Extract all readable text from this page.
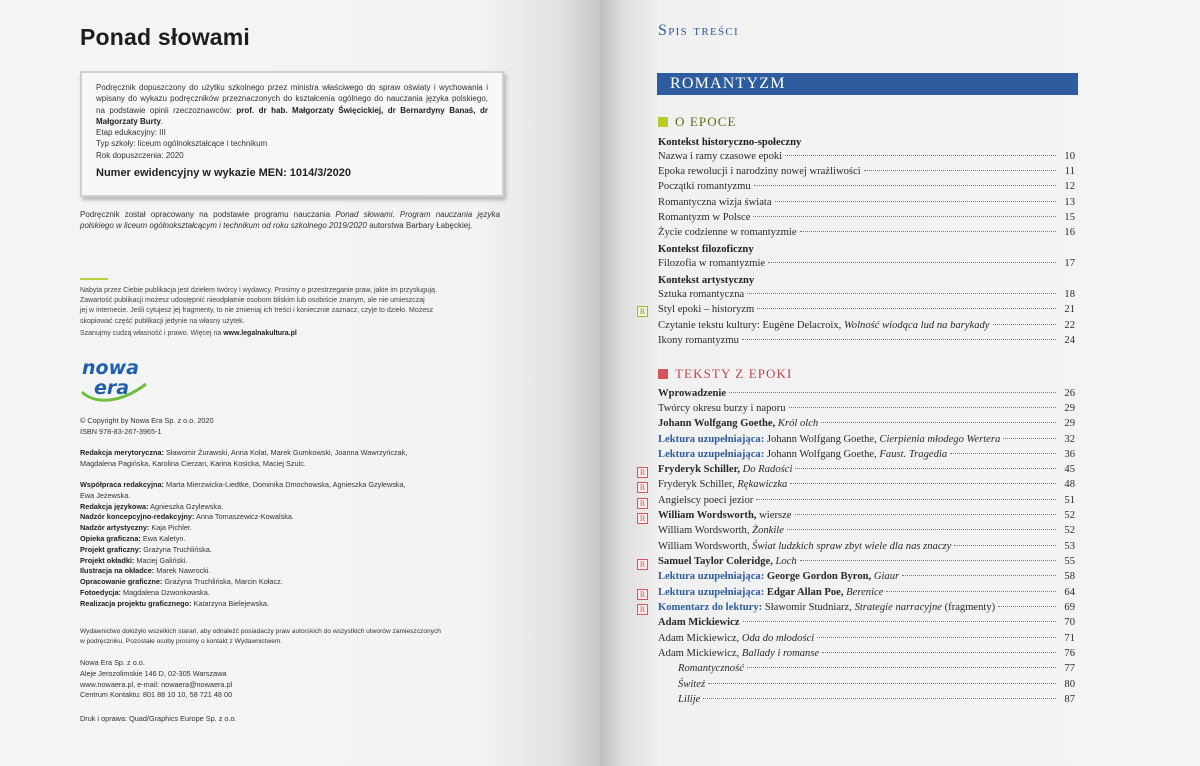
Ponad słowami
Podręcznik dopuszczony do użytku szkolnego przez ministra właściwego do spraw oświaty i wychowania i wpisany do wykazu podręczników przeznaczonych do kształcenia ogólnego do nauczania języka polskiego, na podstawie opinii rzeczoznawców: prof. dr hab. Małgorzaty Święcickiej, dr Bernardyny Banaś, dr Małgorzaty Burty.
Etap edukacyjny: III
Typ szkoły: liceum ogólnokształcące i technikum
Rok dopuszczenia: 2020
Numer ewidencyjny w wykazie MEN: 1014/3/2020
Podręcznik został opracowany na podstawie programu nauczania Ponad słowami. Program nauczania języka polskiego w liceum ogólnokształcącym i technikum od roku szkolnego 2019/2020 autorstwa Barbary Łabęckiej.
Nabyta przez Ciebie publikacja jest dziełem twórcy i wydawcy. Prosimy o przestrzeganie praw, jakie im przysługują.
Zawartość publikacji możesz udostępnić nieodpłatnie osobom bliskim lub osobiście znanym, ale nie umieszczaj
jej w internecie. Jeśli cytujesz jej fragmenty, to nie zmieniaj ich treści i koniecznie zaznacz, czyje to dzieło. Możesz
skopiować część publikacji jedynie na własny użytek.
Szanujmy cudzą własność i prawo. Więcej na www.legalnakultura.pl
nowa
era
© Copyright by Nowa Era Sp. z o.o. 2020
ISBN 978-83-267-3965-1
Redakcja merytoryczna: Sławomir Żurawski, Anna Kolat, Marek Gumkowski, Joanna Wawrzyńczak,
Magdalena Pagińska, Karolina Cierzan, Karina Kosicka, Maciej Szulc.
Współpraca redakcyjna: Marta Mierzwicka-Liedtke, Dominika Dmochowska, Agnieszka Gzylewska,
Ewa Jeżewska.
Redakcja językowa: Agnieszka Gzylewska.
Nadzór koncepcyjno-redakcyjny: Anna Tomaszewicz-Kowalska.
Nadzór artystyczny: Kaja Pichler.
Opieka graficzna: Ewa Kaletyn.
Projekt graficzny: Grażyna Truchlińska.
Projekt okładki: Maciej Galiński.
Ilustracja na okładce: Marek Nawrocki.
Opracowanie graficzne: Grażyna Truchlińska, Marcin Kołacz.
Fotoedycja: Magdalena Dzwonkowska.
Realizacja projektu graficznego: Katarzyna Bielejewska.
Wydawnictwo dołożyło wszelkich starań, aby odnaleźć posiadaczy praw autorskich do wszystkich utworów zamieszczonych
w podręczniku. Pozostałe osoby prosimy o kontakt z Wydawnictwem.
Nowa Era Sp. z o.o.
Aleje Jerozolimskie 146 D, 02-305 Warszawa
www.nowaera.pl, e-mail: nowaera@nowaera.pl
Centrum Kontaktu: 801 88 10 10, 58 721 48 00
Druk i oprawa: Quad/Graphics Europe Sp. z o.o.
Spis treści
ROMANTYZM
O EPOCE
Kontekst historyczno-społeczny
Nazwa i ramy czasowe epoki	10
Epoka rewolucji i narodziny nowej wrażliwości	11
Początki romantyzmu	12
Romantyczna wizja świata	13
Romantyzm w Polsce	15
Życie codzienne w romantyzmie	16
Kontekst filozoficzny
Filozofia w romantyzmie	17
Kontekst artystyczny
Sztuka romantyczna	18
R Styl epoki – historyzm	21
Czytanie tekstu kultury: Eugène Delacroix, Wolność wiodąca lud na barykady	22
Ikony romantyzmu	24
TEKSTY Z EPOKI
Wprowadzenie	26
Twórcy okresu burzy i naporu	29
Johann Wolfgang Goethe, Król olch	29
Lektura uzupełniająca: Johann Wolfgang Goethe, Cierpienia młodego Wertera	32
Lektura uzupełniająca: Johann Wolfgang Goethe, Faust. Tragedia	36
R Fryderyk Schiller, Do Radości	45
R Fryderyk Schiller, Rękawiczka	48
R Angielscy poeci jezior	51
R William Wordsworth, wiersze	52
William Wordsworth, Żonkile	52
William Wordsworth, Świat ludzkich spraw zbyt wiele dla nas znaczy	53
R Samuel Taylor Coleridge, Loch	55
Lektura uzupełniająca: George Gordon Byron, Giaur	58
R Lektura uzupełniająca: Edgar Allan Poe, Berenice	64
R Komentarz do lektury: Sławomir Studniarz, Strategie narracyjne (fragmenty)	69
Adam Mickiewicz	70
Adam Mickiewicz, Oda do młodości	71
Adam Mickiewicz, Ballady i romanse	76
Romantyczność	77
Świteź	80
Lilije	87
